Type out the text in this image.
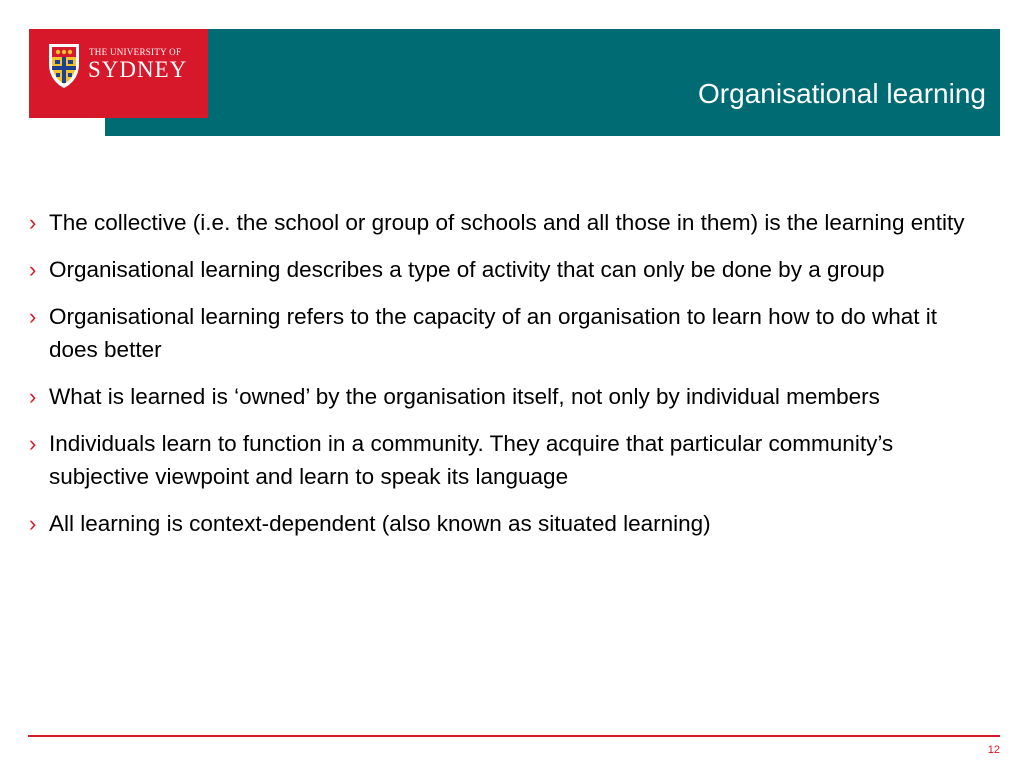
Organisational learning
THE UNIVERSITY OF
SYDNEY
› The collective (i.e. the school or group of schools and all those in them) is the learning entity
› Organisational learning describes a type of activity that can only be done by a group
› Organisational learning refers to the capacity of an organisation to learn how to do what it does better
› What is learned is ‘owned’ by the organisation itself, not only by individual members
› Individuals learn to function in a community. They acquire that particular community’s subjective viewpoint and learn to speak its language
› All learning is context-dependent (also known as situated learning)
12
